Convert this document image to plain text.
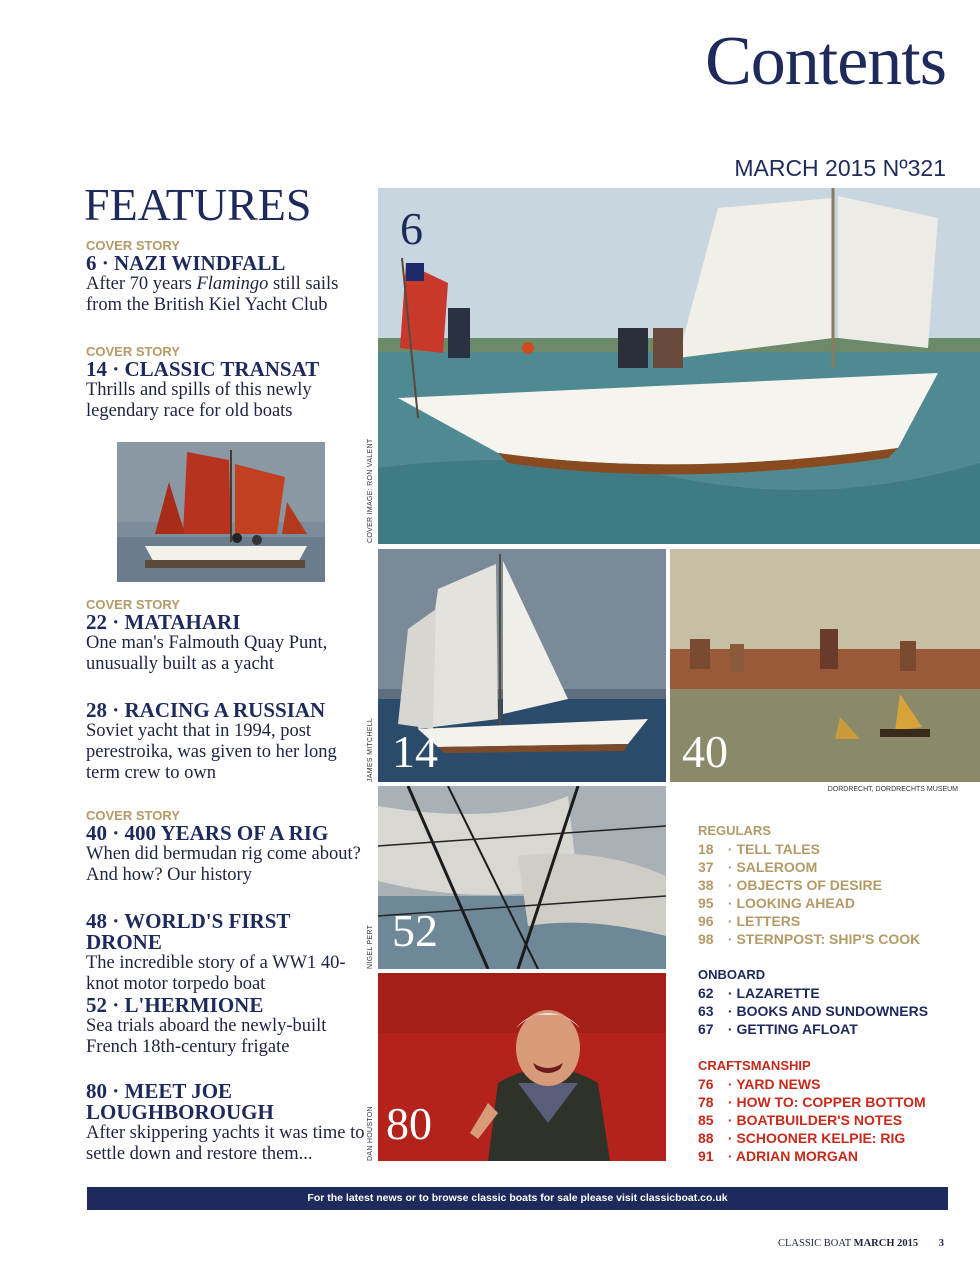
Contents
MARCH 2015 Nº321
FEATURES
COVER STORY
6 · NAZI WINDFALL
After 70 years Flamingo still sails from the British Kiel Yacht Club
COVER STORY
14 · CLASSIC TRANSAT
Thrills and spills of this newly legendary race for old boats
COVER STORY
22 · MATAHARI
One man's Falmouth Quay Punt, unusually built as a yacht
28 · RACING A RUSSIAN
Soviet yacht that in 1994, post perestroika, was given to her long term crew to own
COVER STORY
40 · 400 YEARS OF A RIG
When did bermudan rig come about? And how? Our history
48 · WORLD'S FIRST DRONE
The incredible story of a WW1 40-knot motor torpedo boat
52 · L'HERMIONE
Sea trials aboard the newly-built French 18th-century frigate
80 · MEET JOE LOUGHBOROUGH
After skippering yachts it was time to settle down and restore them...
6
COVER IMAGE: RON VALENT
14
JAMES MITCHELL	40
DORDRECHT, DORDRECHTS MUSEUM
52
NIGEL PERT
80
DAN HOUSTON
REGULARS
18 · TELL TALES
37 · SALEROOM
38 · OBJECTS OF DESIRE
95 · LOOKING AHEAD
96 · LETTERS
98 · STERNPOST: SHIP'S COOK
ONBOARD
62 · LAZARETTE
63 · BOOKS AND SUNDOWNERS
67 · GETTING AFLOAT
CRAFTSMANSHIP
76 · YARD NEWS
78 · HOW TO: COPPER BOTTOM
85 · BOATBUILDER'S NOTES
88 · SCHOONER KELPIE: RIG
91 · ADRIAN MORGAN
For the latest news or to browse classic boats for sale please visit classicboat.co.uk
CLASSIC BOAT MARCH 2015 3
